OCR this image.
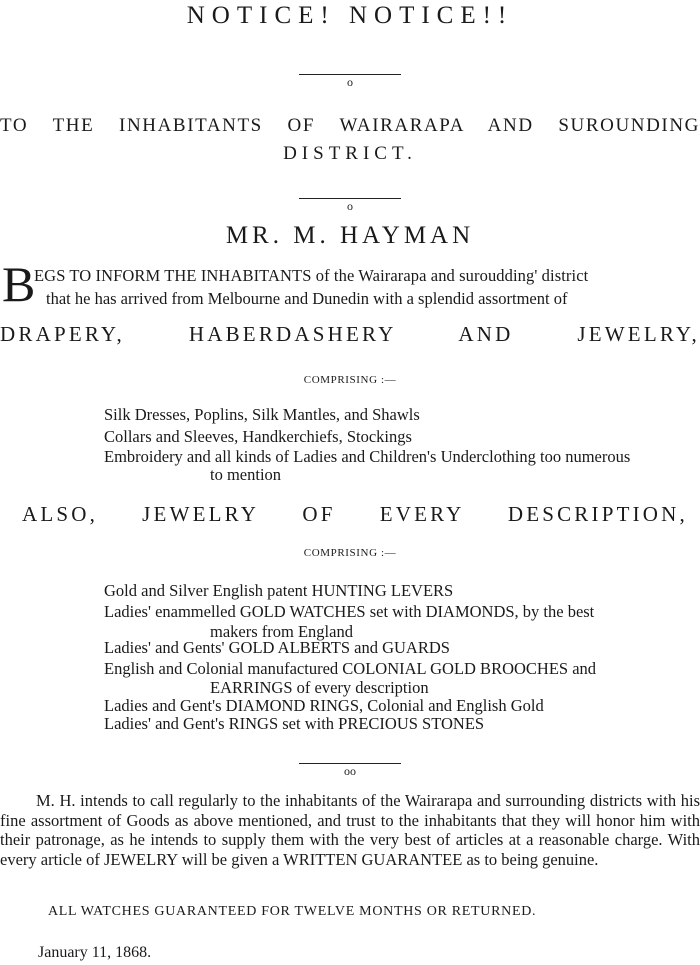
NOTICE! NOTICE!!
o
TO THE INHABITANTS OF WAIRARAPA AND SUROUNDING
DISTRICT.
o
MR. M. HAYMAN
B
EGS TO INFORM THE INHABITANTS of the Wairarapa and suroudding' district
that he has arrived from Melbourne and Dunedin with a splendid assortment of
DRAPERY, HABERDASHERY AND JEWELRY,
COMPRISING :—
Silk Dresses, Poplins, Silk Mantles, and Shawls
Collars and Sleeves, Handkerchiefs, Stockings
Embroidery and all kinds of Ladies and Children's Underclothing too numerous
to mention
ALSO, JEWELRY OF EVERY DESCRIPTION,
COMPRISING :—
Gold and Silver English patent HUNTING LEVERS
Ladies' enammelled GOLD WATCHES set with DIAMONDS, by the best
makers from England
Ladies' and Gents' GOLD ALBERTS and GUARDS
English and Colonial manufactured COLONIAL GOLD BROOCHES and
EARRINGS of every description
Ladies and Gent's DIAMOND RINGS, Colonial and English Gold
Ladies' and Gent's RINGS set with PRECIOUS STONES
oo

M. H. intends to call regularly to the inhabitants of the Wairarapa and surrounding districts with his fine assortment of Goods as above mentioned, and trust to the inhabitants that they will honor him with their patronage, as he intends to supply them with the very best of articles at a reasonable charge. With every article of JEWELRY will be given a WRITTEN GUARANTEE as to being genuine.

ALL WATCHES GUARANTEED FOR TWELVE MONTHS OR RETURNED.
January 11, 1868.
